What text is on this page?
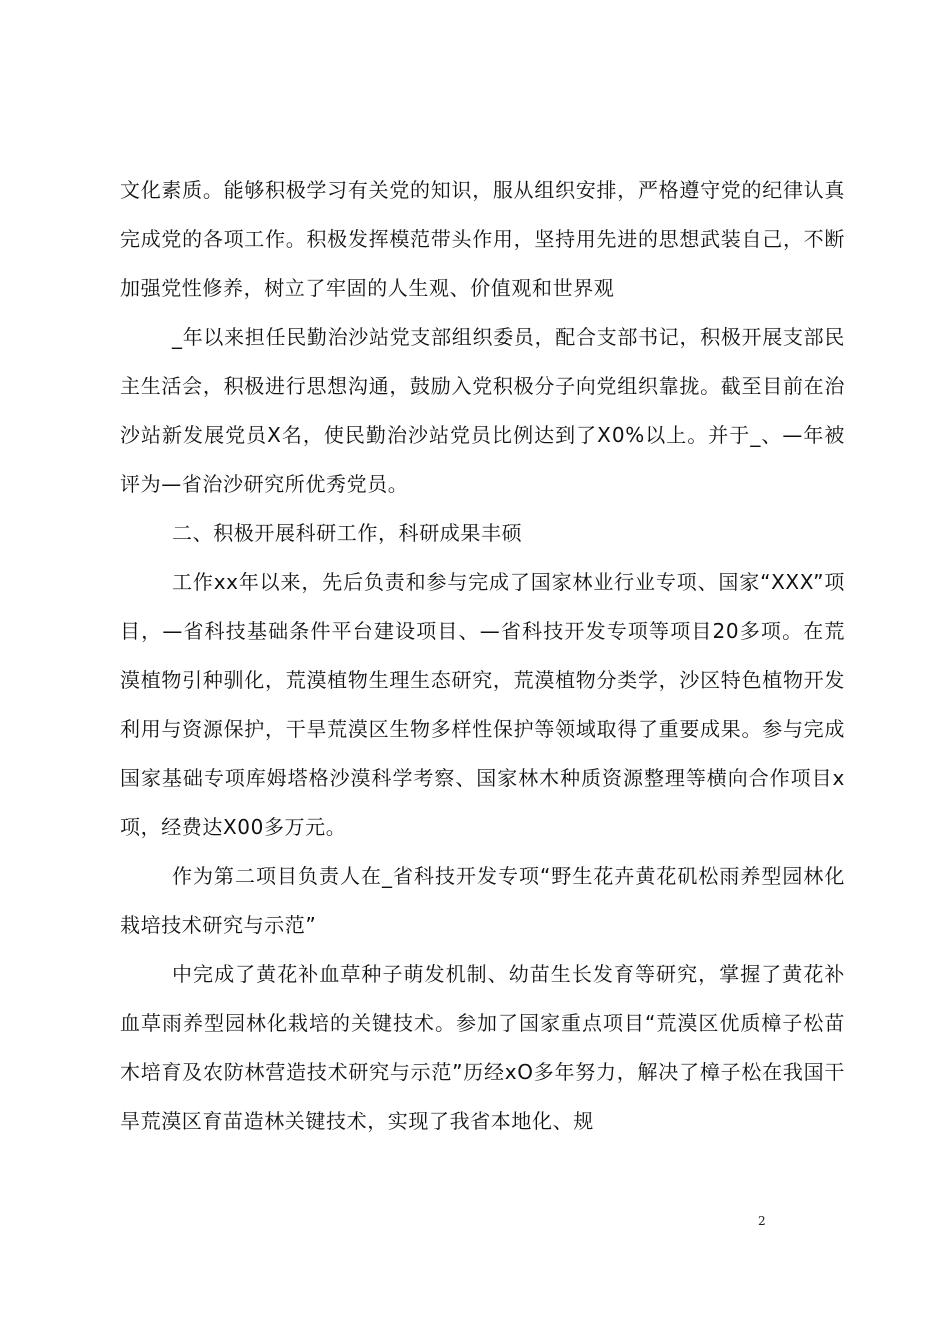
文化素质。能够积极学习有关党的知识，服从组织安排，严格遵守党的纪律认真完成党的各项工作。积极发挥模范带头作用，坚持用先进的思想武装自己，不断加强党性修养，树立了牢固的人生观、价值观和世界观

_年以来担任民勤治沙站党支部组织委员，配合支部书记，积极开展支部民主生活会，积极进行思想沟通，鼓励入党积极分子向党组织靠拢。截至目前在治沙站新发展党员Ⅹ名，使民勤治沙站党员比例达到了Ⅹ0%以上。并于_、—年被评为—省治沙研究所优秀党员。

二、积极开展科研工作，科研成果丰硕

工作xx年以来，先后负责和参与完成了国家林业行业专项、国家“XXX”项目，—省科技基础条件平台建设项目、—省科技开发专项等项目20多项。在荒漠植物引种驯化，荒漠植物生理生态研究，荒漠植物分类学，沙区特色植物开发利用与资源保护，干旱荒漠区生物多样性保护等领域取得了重要成果。参与完成国家基础专项库姆塔格沙漠科学考察、国家林木种质资源整理等横向合作项目x项，经费达X00多万元。

作为第二项目负责人在_省科技开发专项“野生花卉黄花矶松雨养型园林化栽培技术研究与示范”

中完成了黄花补血草种子萌发机制、幼苗生长发育等研究，掌握了黄花补血草雨养型园林化栽培的关键技术。参加了国家重点项目“荒漠区优质樟子松苗木培育及农防林营造技术研究与示范”历经xO多年努力，解决了樟子松在我国干旱荒漠区育苗造林关键技术，实现了我省本地化、规

2
